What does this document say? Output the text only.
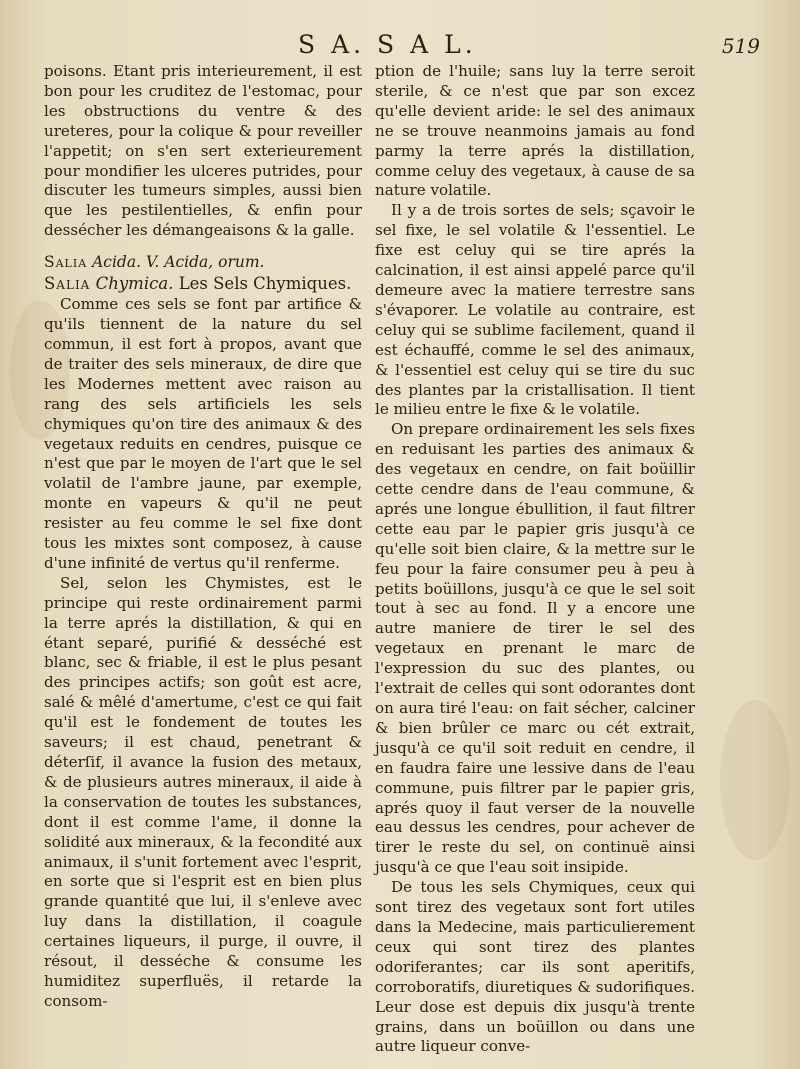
S A. S A L.	519

poisons. Etant pris interieurement, il est bon pour les cruditez de l'estomac, pour les obstructions du ventre & des ureteres, pour la colique & pour reveiller l'appetit; on s'en sert exterieurement pour mondifier les ulceres putrides, pour discuter les tumeurs simples, aussi bien que les pestilentielles, & enfin pour dessécher les démangeaisons & la galle.

Salia Acida. V. Acida, orum.

Salia Chymica. Les Sels Chymiques.

Comme ces sels se font par artifice & qu'ils tiennent de la nature du sel commun, il est fort à propos, avant que de traiter des sels mineraux, de dire que les Modernes mettent avec raison au rang des sels artificiels les sels chymiques qu'on tire des animaux & des vegetaux reduits en cendres, puisque ce n'est que par le moyen de l'art que le sel volatil de l'ambre jaune, par exemple, monte en vapeurs & qu'il ne peut resister au feu comme le sel fixe dont tous les mixtes sont composez, à cause d'une infinité de vertus qu'il renferme.

Sel, selon les Chymistes, est le principe qui reste ordinairement parmi la terre aprés la distillation, & qui en étant separé, purifié & desséché est blanc, sec & friable, il est le plus pesant des principes actifs; son goût est acre, salé & mêlé d'amertume, c'est ce qui fait qu'il est le fondement de toutes les saveurs; il est chaud, penetrant & déterſif, il avance la fusion des metaux, & de plusieurs autres mineraux, il aide à la conservation de toutes les substances, dont il est comme l'ame, il donne la solidité aux mineraux, & la fecondité aux animaux, il s'unit fortement avec l'esprit, en sorte que si l'esprit est en bien plus grande quantité que lui, il s'enleve avec luy dans la distillation, il coagule certaines liqueurs, il purge, il ouvre, il résout, il desséche & consume les humiditez superfluës, il retarde la consom-

ption de l'huile; sans luy la terre seroit sterile, & ce n'est que par son excez qu'elle devient aride: le sel des animaux ne se trouve neanmoins jamais au fond parmy la terre aprés la distillation, comme celuy des vegetaux, à cause de sa nature volatile.

Il y a de trois sortes de sels; sçavoir le sel fixe, le sel volatile & l'essentiel. Le fixe est celuy qui se tire aprés la calcination, il est ainsi appelé parce qu'il demeure avec la matiere terrestre sans s'évaporer. Le volatile au contraire, est celuy qui se sublime facilement, quand il est échauffé, comme le sel des animaux, & l'essentiel est celuy qui se tire du suc des plantes par la cristallisation. Il tient le milieu entre le fixe & le volatile.

On prepare ordinairement les sels fixes en reduisant les parties des animaux & des vegetaux en cendre, on fait boüillir cette cendre dans de l'eau commune, & aprés une longue ébullition, il faut filtrer cette eau par le papier gris jusqu'à ce qu'elle soit bien claire, & la mettre sur le feu pour la faire consumer peu à peu à petits boüillons, jusqu'à ce que le sel soit tout à sec au fond. Il y a encore une autre maniere de tirer le sel des vegetaux en prenant le marc de l'expression du suc des plantes, ou l'extrait de celles qui sont odorantes dont on aura tiré l'eau: on fait sécher, calciner & bien brûler ce marc ou cét extrait, jusqu'à ce qu'il soit reduit en cendre, il en faudra faire une lessive dans de l'eau commune, puis filtrer par le papier gris, aprés quoy il faut verser de la nouvelle eau dessus les cendres, pour achever de tirer le reste du sel, on continuë ainsi jusqu'à ce que l'eau soit insipide.

De tous les sels Chymiques, ceux qui sont tirez des vegetaux sont fort utiles dans la Medecine, mais particulierement ceux qui sont tirez des plantes odoriferantes; car ils sont aperitifs, corroboratifs, diuretiques & sudorifiques. Leur dose est depuis dix jusqu'à trente grains, dans un boüillon ou dans une autre liqueur conve-
